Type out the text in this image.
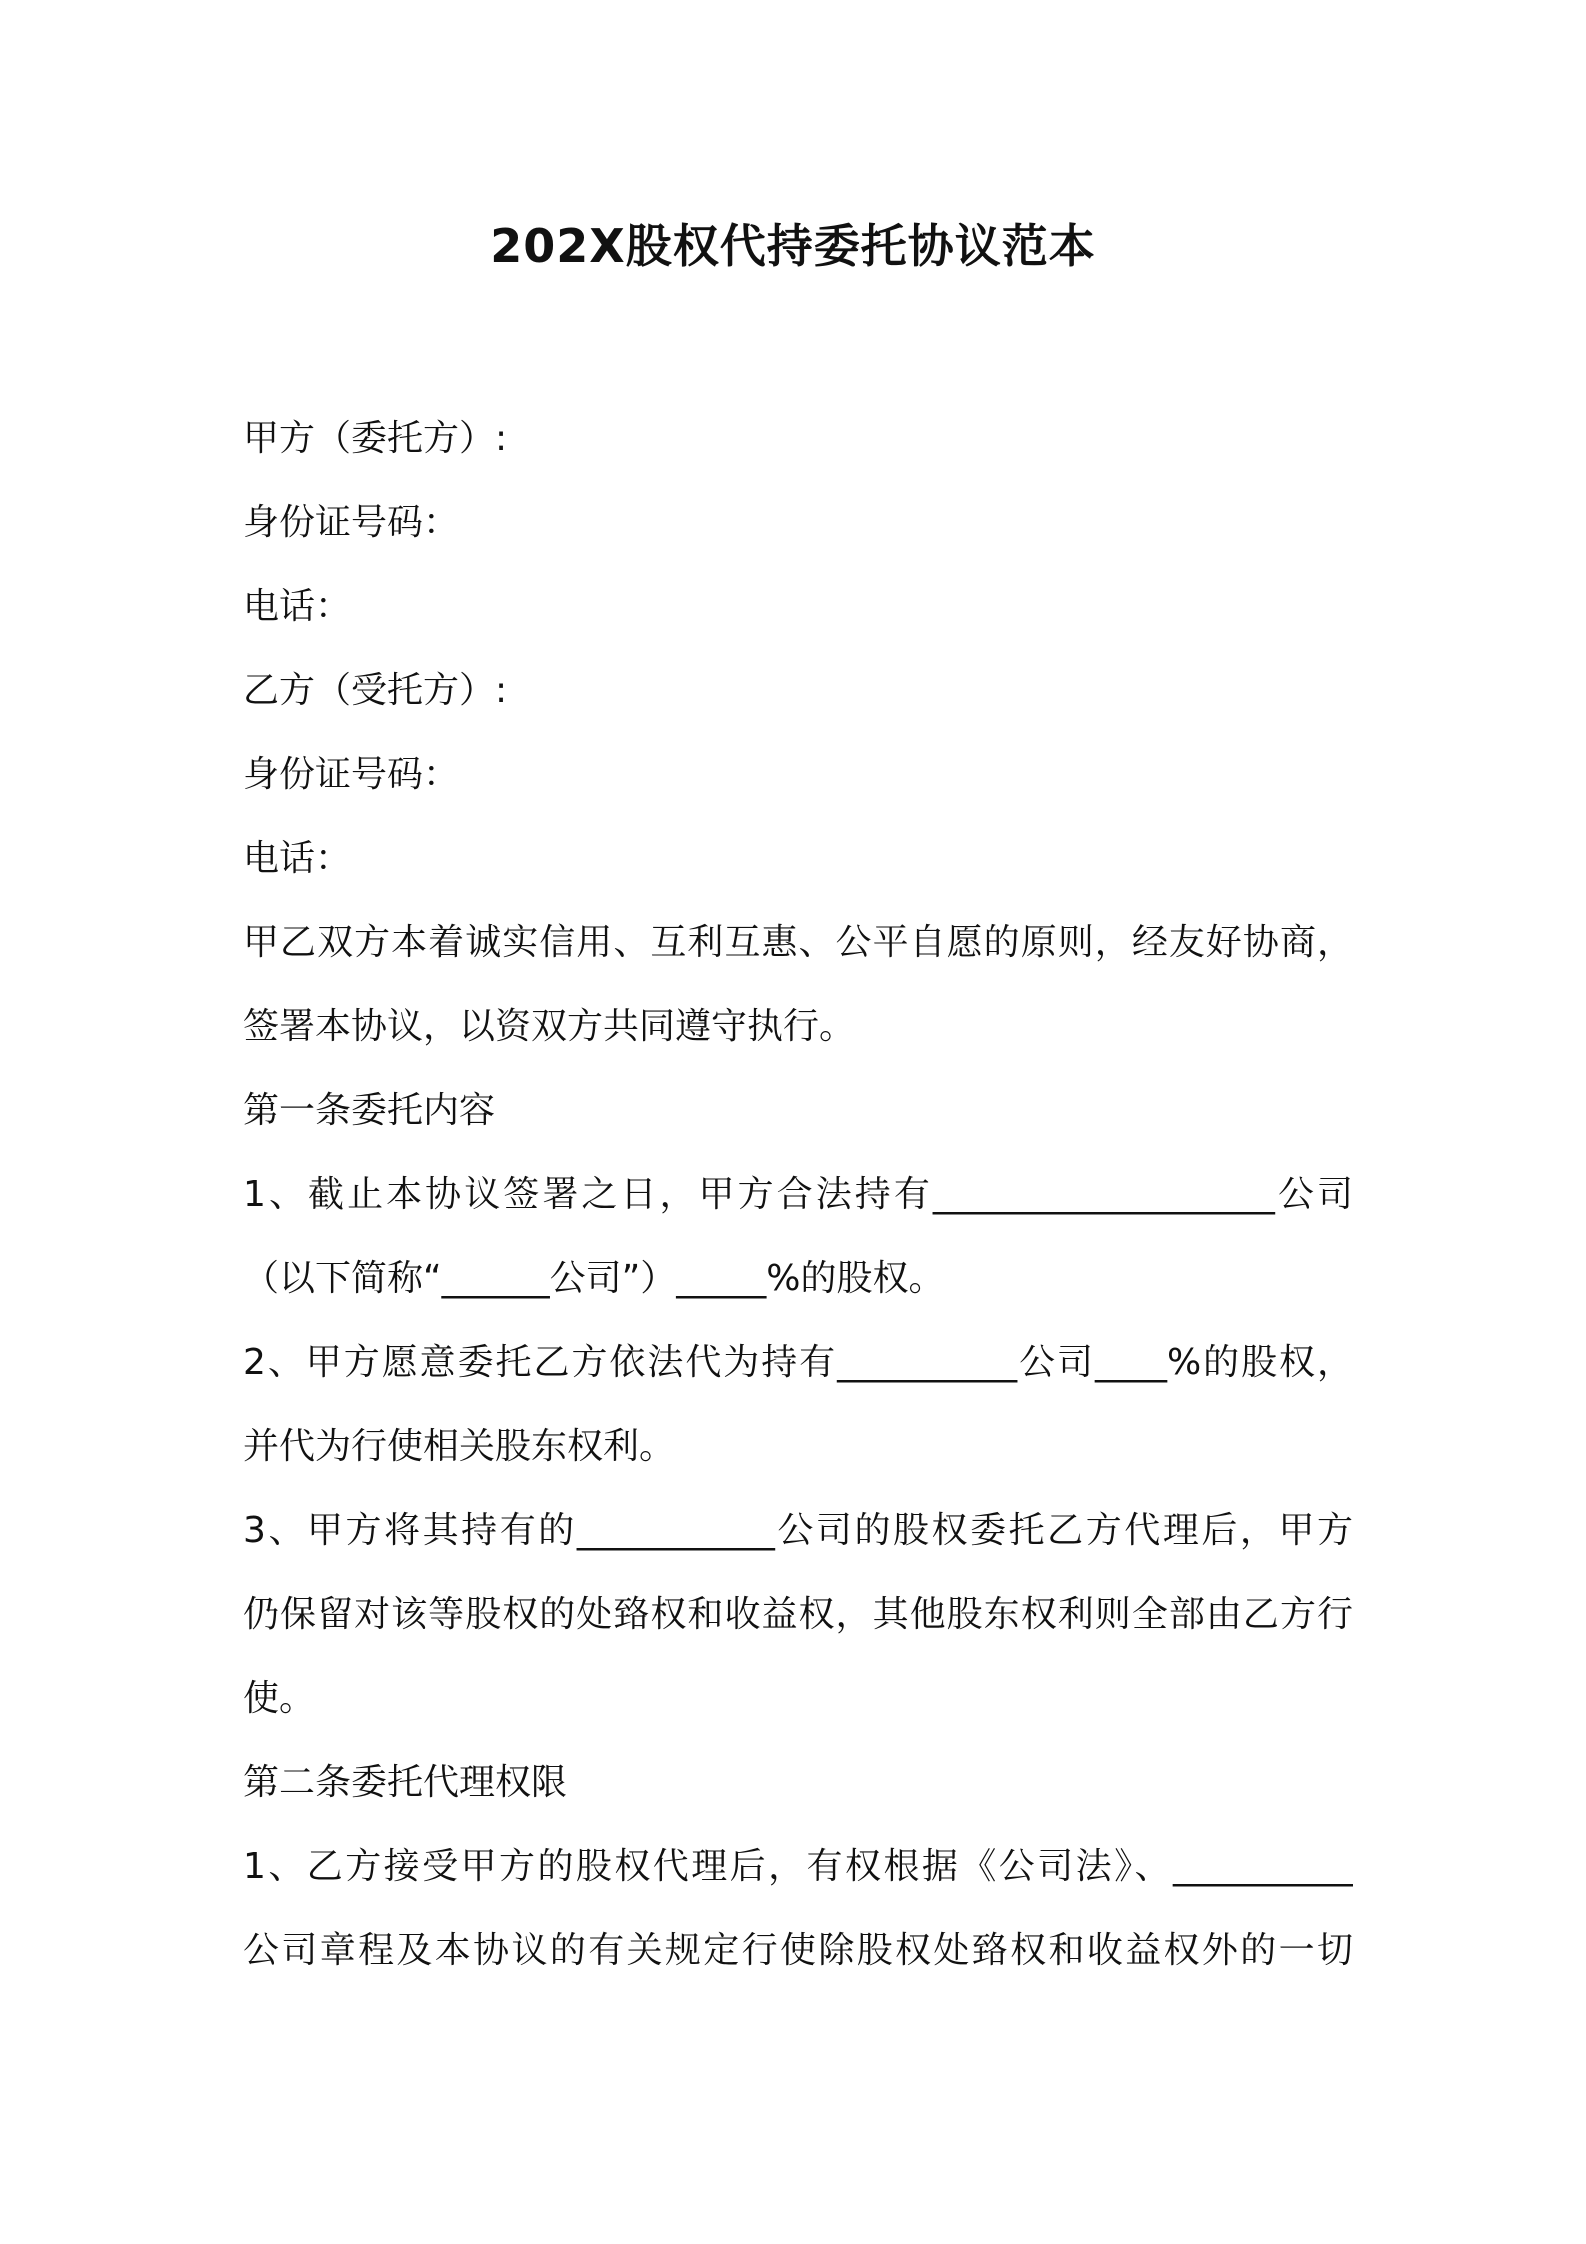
202X股权代持委托协议范本
甲方（委托方）:
身份证号码：
电话：
乙方（受托方）:
身份证号码：
电话：
甲乙双方本着诚实信用、互利互惠、公平自愿的原则，经友好协商，
签署本协议，以资双方共同遵守执行。
第一条委托内容
1、截止本协议签署之日，甲方合法持有___________________公司
（以下简称“______公司”）_____%的股权。
2、甲方愿意委托乙方依法代为持有__________公司____%的股权，
并代为行使相关股东权利。
3、甲方将其持有的___________公司的股权委托乙方代理后，甲方
仍保留对该等股权的处臵权和收益权，其他股东权利则全部由乙方行
使。
第二条委托代理权限
1、乙方接受甲方的股权代理后，有权根据《公司法》、__________
公司章程及本协议的有关规定行使除股权处臵权和收益权外的一切
